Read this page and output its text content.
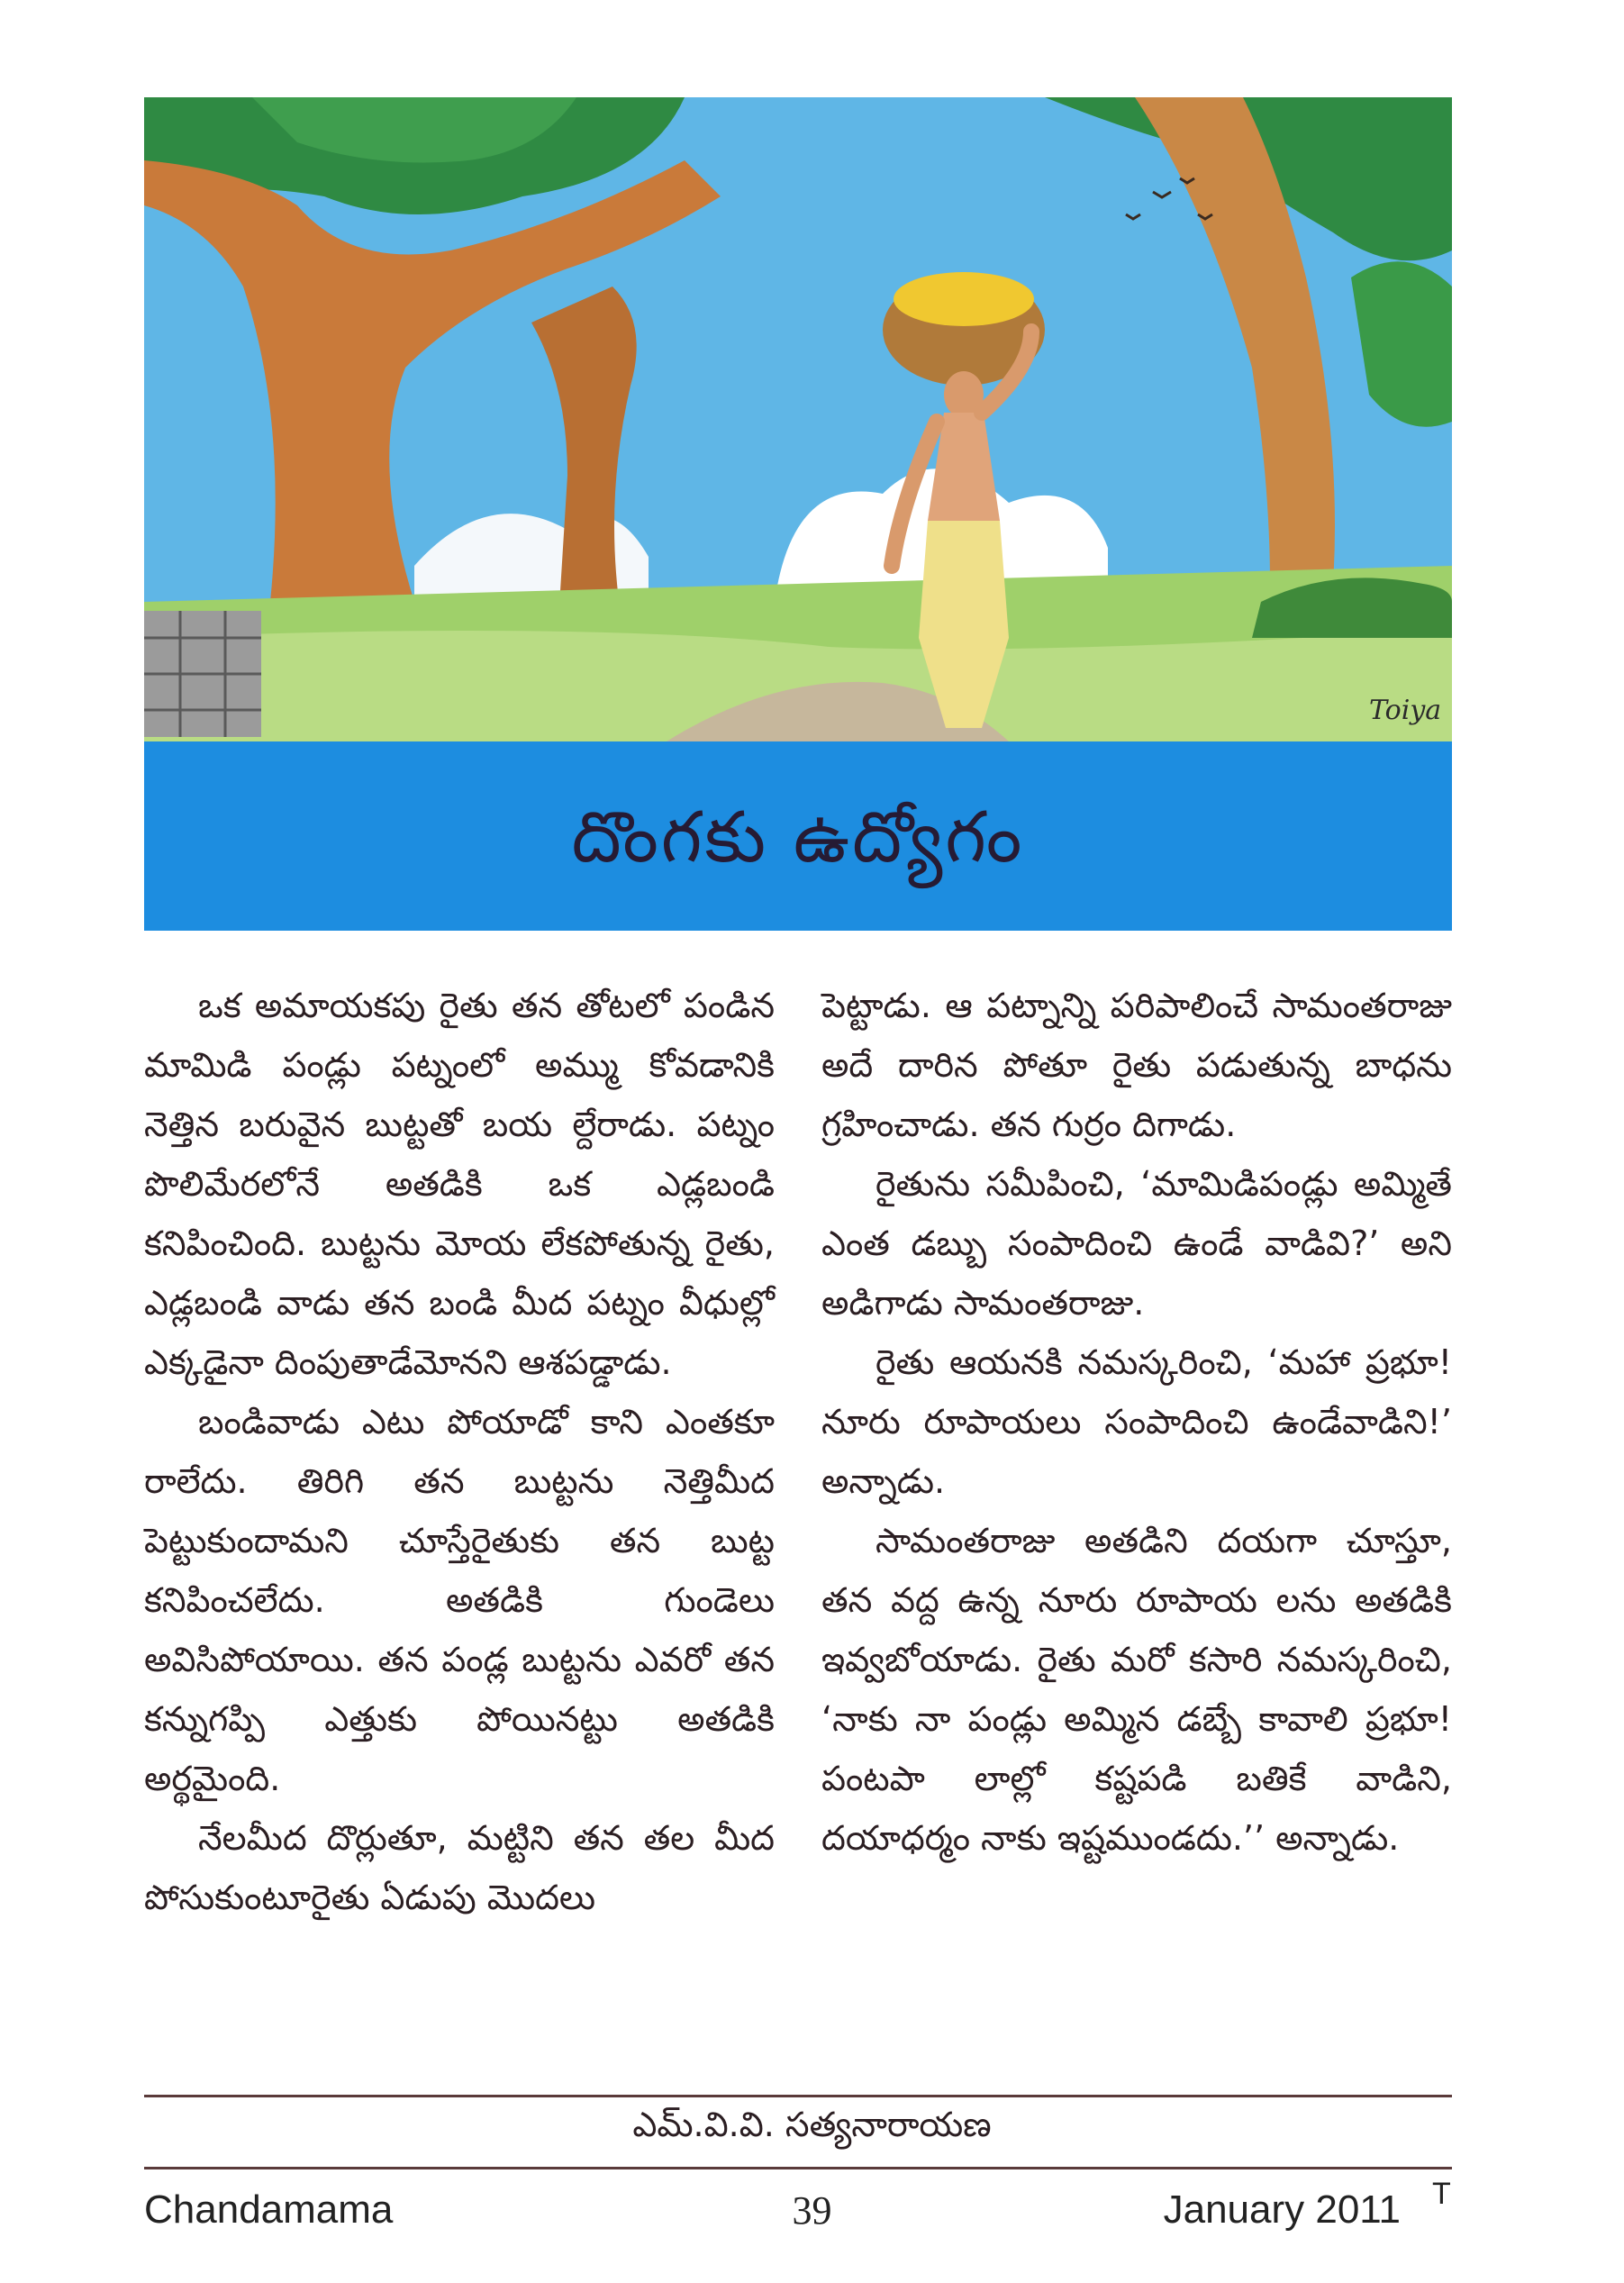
Toiya
దొంగకు ఉద్యోగం

ఒక అమాయకపు రైతు తన తోటలో పండిన మామిడి పండ్లు పట్నంలో అమ్ము కోవడానికి నెత్తిన బరువైన బుట్టతో బయ ల్దేరాడు. పట్నం పొలిమేరలోనే అతడికి ఒక ఎడ్లబండి కనిపించింది. బుట్టను మోయ లేకపోతున్న రైతు, ఎడ్లబండి వాడు తన బండి మీద పట్నం వీధుల్లో ఎక్కడైనా దింపుతాడేమోనని ఆశపడ్డాడు.

బండివాడు ఎటు పోయాడో కాని ఎంతకూ రాలేదు. తిరిగి తన బుట్టను నెత్తిమీద పెట్టుకుందామని చూస్తేరైతుకు తన బుట్ట కనిపించలేదు. అతడికి గుండెలు అవిసిపోయాయి. తన పండ్ల బుట్టను ఎవరో తన కన్నుగప్పి ఎత్తుకు పోయినట్టు అతడికి అర్థమైంది.

నేలమీద దొర్లుతూ, మట్టిని తన తల మీద పోసుకుంటూరైతు ఏడుపు మొదలు

పెట్టాడు. ఆ పట్నాన్ని పరిపాలించే సామంతరాజు అదే దారిన పోతూ రైతు పడుతున్న బాధను గ్రహించాడు. తన గుర్రం దిగాడు.

రైతును సమీపించి, ‘మామిడిపండ్లు అమ్మితే ఎంత డబ్బు సంపాదించి ఉండే వాడివి?’ అని అడిగాడు సామంతరాజు.

రైతు ఆయనకి నమస్కరించి, ‘మహా ప్రభూ! నూరు రూపాయలు సంపాదించి ఉండేవాడిని!’ అన్నాడు.

సామంతరాజు అతడిని దయగా చూస్తూ, తన వద్ద ఉన్న నూరు రూపాయ లను అతడికి ఇవ్వబోయాడు. రైతు మరో కసారి నమస్కరించి, ‘నాకు నా పండ్లు అమ్మిన డబ్బే కావాలి ప్రభూ! పంటపా లాల్లో కష్టపడి బతికే వాడిని, దయాధర్మం నాకు ఇష్టముండదు.’’ అన్నాడు.

ఎమ్.వి.వి. సత్యనారాయణ
Chandamama	39	January 2011 T
